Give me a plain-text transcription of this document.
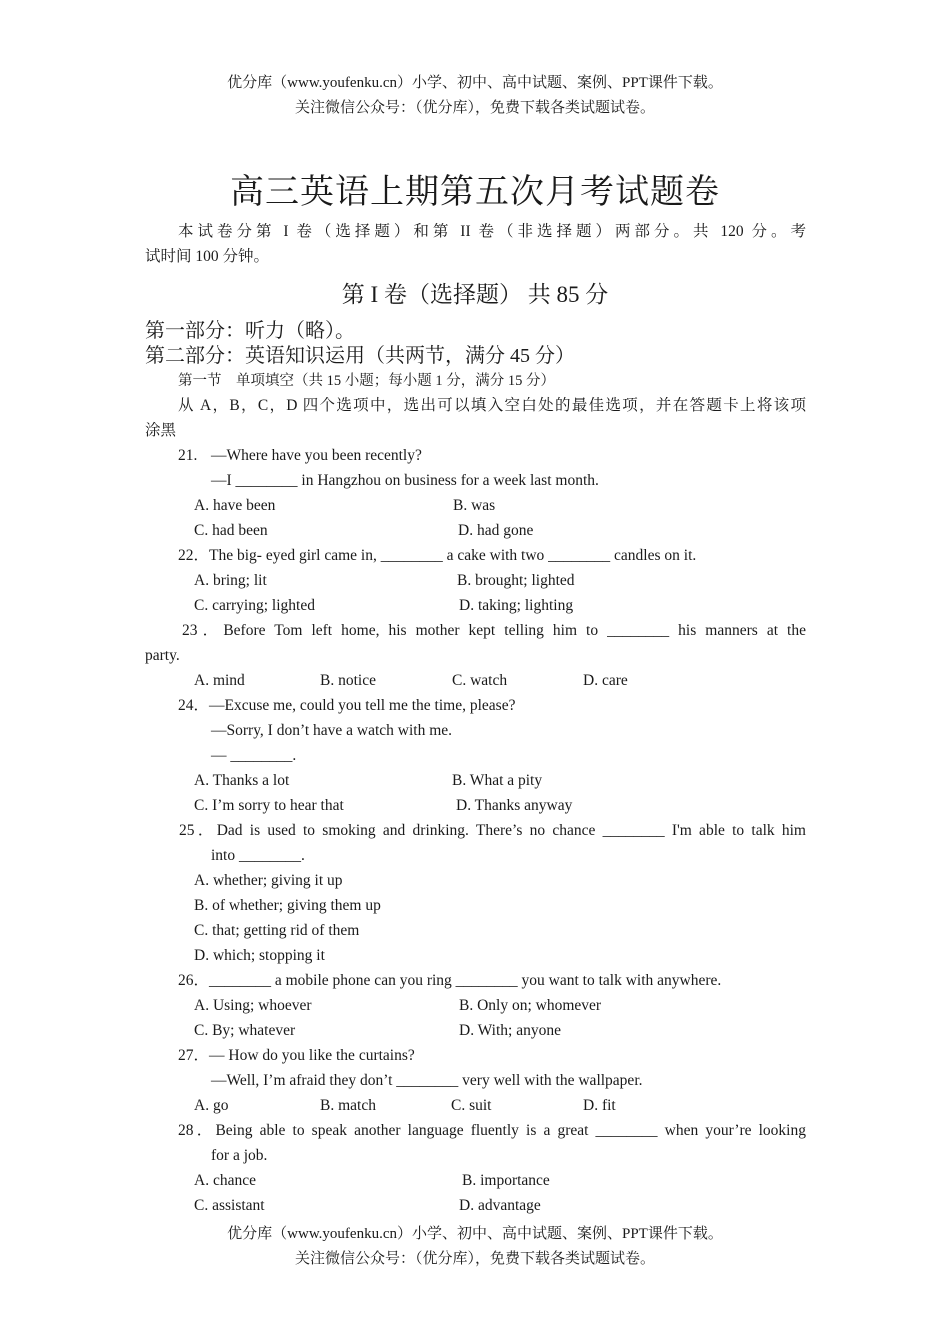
优分库（www.youfenku.cn）小学、初中、高中试题、案例、PPT课件下载。
关注微信公众号：（优分库），免费下载各类试题试卷。
高三英语上期第五次月考试题卷
本试卷分第 I 卷（选择题）和第 II 卷（非选择题）两部分。共 120 分。考
试时间 100 分钟。
第 I 卷（选择题） 共 85 分
第一部分：听力（略）。
第二部分：英语知识运用（共两节，满分 45 分）
第一节　单项填空（共 15 小题；每小题 1 分，满分 15 分）
从 A，B，C，D 四个选项中，选出可以填入空白处的最佳选项，并在答题卡上将该项
涂黑
21. —Where have you been recently?
—I ________ in Hangzhou on business for a week last month.
A. have been	B. was
C. had been	D. had gone
22．The big- eyed girl came in, ________ a cake with two ________ candles on it.
A. bring; lit	B. brought; lighted
C. carrying; lighted	D. taking; lighting
23．Before Tom left home, his mother kept telling him to ________ his manners at the
party.
A. mind	B. notice	C. watch	D. care
24．—Excuse me, could you tell me the time, please?
—Sorry, I don’t have a watch with me.
— ________.
A. Thanks a lot	B. What a pity
C. I’m sorry to hear that	D. Thanks anyway
25．Dad is used to smoking and drinking. There’s no chance ________ I'm able to talk him
into ________.
A. whether; giving it up
B. of whether; giving them up
C. that; getting rid of them
D. which; stopping it
26．________ a mobile phone can you ring ________ you want to talk with anywhere.
A. Using; whoever	B. Only on; whomever
C. By; whatever	D. With; anyone
27．— How do you like the curtains?
—Well, I’m afraid they don’t ________ very well with the wallpaper.
A. go	B. match	C. suit	D. fit
28．Being able to speak another language fluently is a great ________ when your’re looking
for a job.
A. chance	B. importance
C. assistant	D. advantage
优分库（www.youfenku.cn）小学、初中、高中试题、案例、PPT课件下载。
关注微信公众号：（优分库），免费下载各类试题试卷。
